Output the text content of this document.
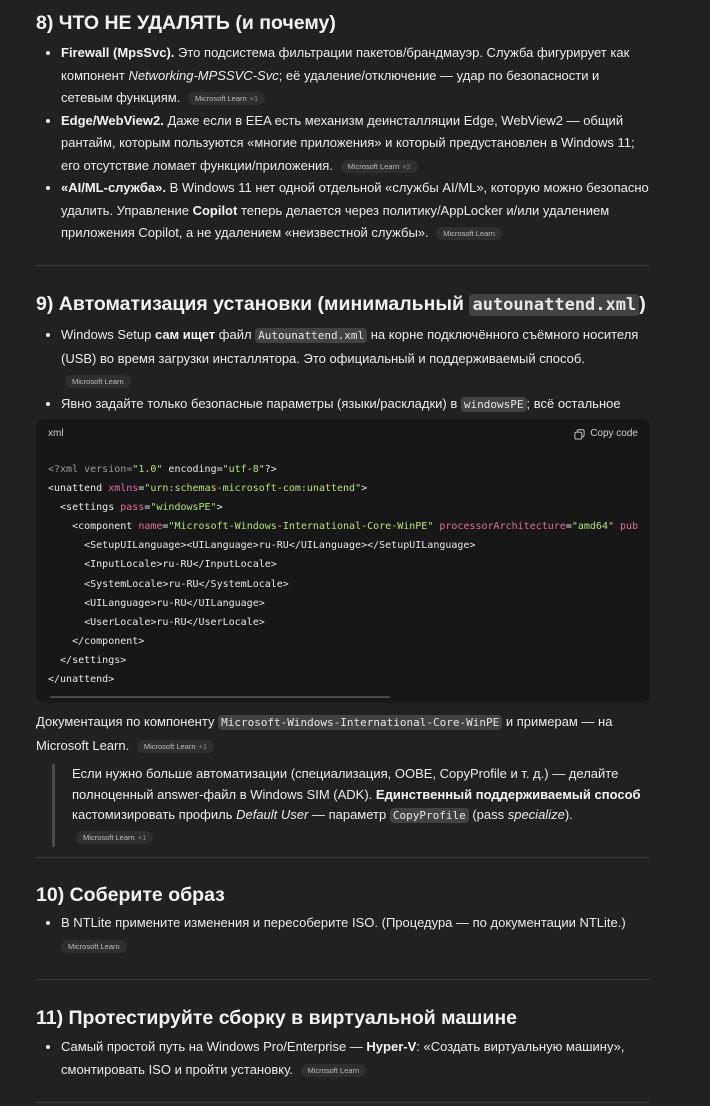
8) ЧТО НЕ УДАЛЯТЬ (и почему)
• Firewall (MpsSvc). Это подсистема фильтрации пакетов/брандмауэр. Служба фигурирует как компонент Networking-MPSSVC-Svc; её удаление/отключение — удар по безопасности и сетевым функциям. Microsoft Learn +1
• Edge/WebView2. Даже если в EEA есть механизм деинсталляции Edge, WebView2 — общий рантайм, которым пользуются «многие приложения» и который предустановлен в Windows 11; его отсутствие ломает функции/приложения. Microsoft Learn +2
• «AI/ML-служба». В Windows 11 нет одной отдельной «службы AI/ML», которую можно безопасно удалить. Управление Copilot теперь делается через политику/AppLocker и/или удалением приложения Copilot, а не удалением «неизвестной службы». Microsoft Learn
9) Автоматизация установки (минимальный autounattend.xml )
• Windows Setup сам ищет файл Autounattend.xml на корне подключённого съёмного носителя (USB) во время загрузки инсталлятора. Это официальный и поддерживаемый способ. Microsoft Learn
• Явно задайте только безопасные параметры (языки/раскладки) в windowsPE ; всё остальное
xml	Copy code
<?xml version="1.0" encoding="utf-8"?>
<unattend xmlns="urn:schemas-microsoft-com:unattend">
<settings pass="windowsPE">
<component name="Microsoft-Windows-International-Core-WinPE" processorArchitecture="amd64" pub
<SetupUILanguage><UILanguage>ru-RU</UILanguage></SetupUILanguage>
<InputLocale>ru-RU</InputLocale>
<SystemLocale>ru-RU</SystemLocale>
<UILanguage>ru-RU</UILanguage>
<UserLocale>ru-RU</UserLocale>
</component>
</settings>
</unattend>

Документация по компоненту Microsoft-Windows-International-Core-WinPE и примерам — на Microsoft Learn. Microsoft Learn +1

Если нужно больше автоматизации (специализация, OOBE, CopyProfile и т. д.) — делайте полноценный answer-файл в Windows SIM (ADK). Единственный поддерживаемый способ кастомизировать профиль Default User — параметр CopyProfile (pass specialize). Microsoft Learn +1
10) Соберите образ
• В NTLite примените изменения и пересоберите ISO. (Процедура — по документации NTLite.)
Microsoft Learn
11) Протестируйте сборку в виртуальной машине
• Самый простой путь на Windows Pro/Enterprise — Hyper-V: «Создать виртуальную машину», смонтировать ISO и пройти установку. Microsoft Learn
